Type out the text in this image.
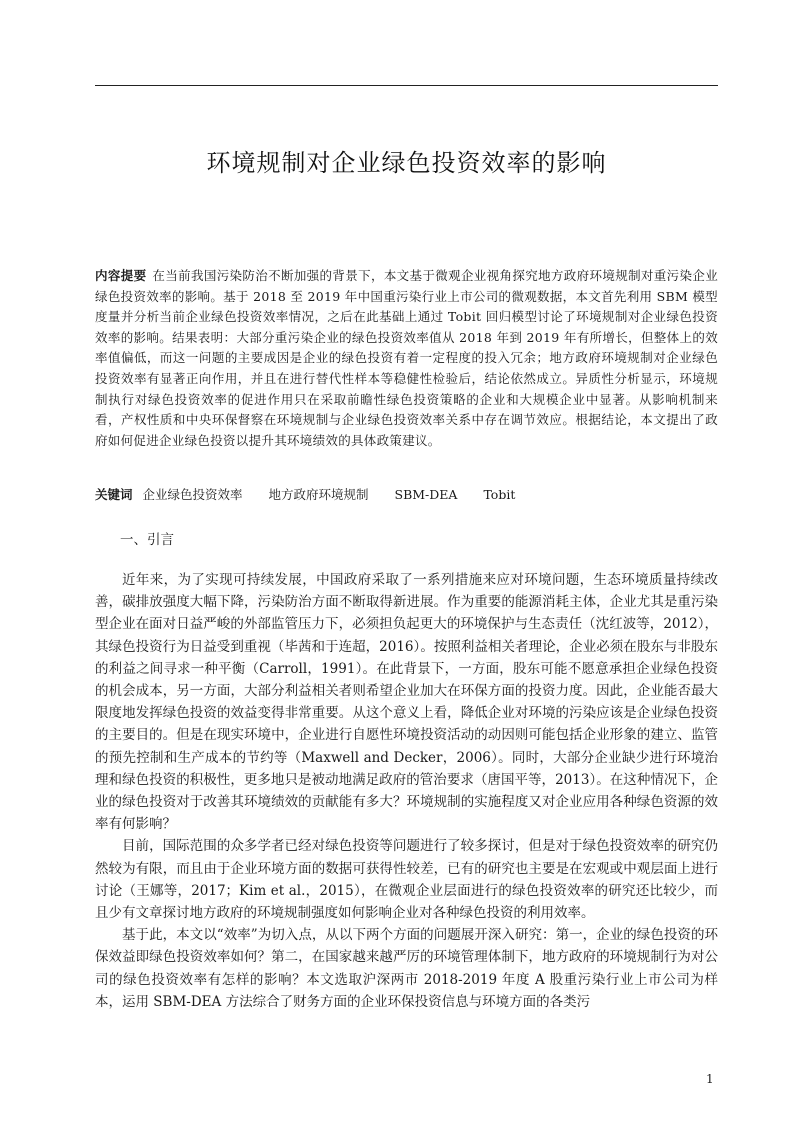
环境规制对企业绿色投资效率的影响
内容提要 在当前我国污染防治不断加强的背景下，本文基于微观企业视角探究地方政府环境规制对重污染企业绿色投资效率的影响。基于 2018 至 2019 年中国重污染行业上市公司的微观数据，本文首先利用 SBM 模型度量并分析当前企业绿色投资效率情况，之后在此基础上通过 Tobit 回归模型讨论了环境规制对企业绿色投资效率的影响。结果表明：大部分重污染企业的绿色投资效率值从 2018 年到 2019 年有所增长，但整体上的效率值偏低，而这一问题的主要成因是企业的绿色投资有着一定程度的投入冗余；地方政府环境规制对企业绿色投资效率有显著正向作用，并且在进行替代性样本等稳健性检验后，结论依然成立。异质性分析显示，环境规制执行对绿色投资效率的促进作用只在采取前瞻性绿色投资策略的企业和大规模企业中显著。从影响机制来看，产权性质和中央环保督察在环境规制与企业绿色投资效率关系中存在调节效应。根据结论，本文提出了政府如何促进企业绿色投资以提升其环境绩效的具体政策建议。
关键词 企业绿色投资效率 地方政府环境规制 SBM-DEA Tobit
一、引言

近年来，为了实现可持续发展，中国政府采取了一系列措施来应对环境问题，生态环境质量持续改善，碳排放强度大幅下降，污染防治方面不断取得新进展。作为重要的能源消耗主体，企业尤其是重污染型企业在面对日益严峻的外部监管压力下，必须担负起更大的环境保护与生态责任（沈红波等，2012），其绿色投资行为日益受到重视（毕茜和于连超，2016）。按照利益相关者理论，企业必须在股东与非股东的利益之间寻求一种平衡（Carroll，1991）。在此背景下，一方面，股东可能不愿意承担企业绿色投资的机会成本，另一方面，大部分利益相关者则希望企业加大在环保方面的投资力度。因此，企业能否最大限度地发挥绿色投资的效益变得非常重要。从这个意义上看，降低企业对环境的污染应该是企业绿色投资的主要目的。但是在现实环境中，企业进行自愿性环境投资活动的动因则可能包括企业形象的建立、监管的预先控制和生产成本的节约等（Maxwell and Decker，2006）。同时，大部分企业缺少进行环境治理和绿色投资的积极性，更多地只是被动地满足政府的管治要求（唐国平等，2013）。在这种情况下，企业的绿色投资对于改善其环境绩效的贡献能有多大？环境规制的实施程度又对企业应用各种绿色资源的效率有何影响？

目前，国际范围的众多学者已经对绿色投资等问题进行了较多探讨，但是对于绿色投资效率的研究仍然较为有限，而且由于企业环境方面的数据可获得性较差，已有的研究也主要是在宏观或中观层面上进行讨论（王娜等，2017；Kim et al.，2015），在微观企业层面进行的绿色投资效率的研究还比较少，而且少有文章探讨地方政府的环境规制强度如何影响企业对各种绿色投资的利用效率。

基于此，本文以“效率”为切入点，从以下两个方面的问题展开深入研究：第一，企业的绿色投资的环保效益即绿色投资效率如何？第二，在国家越来越严厉的环境管理体制下，地方政府的环境规制行为对公司的绿色投资效率有怎样的影响？本文选取沪深两市 2018-2019 年度 A 股重污染行业上市公司为样本，运用 SBM-DEA 方法综合了财务方面的企业环保投资信息与环境方面的各类污

1
